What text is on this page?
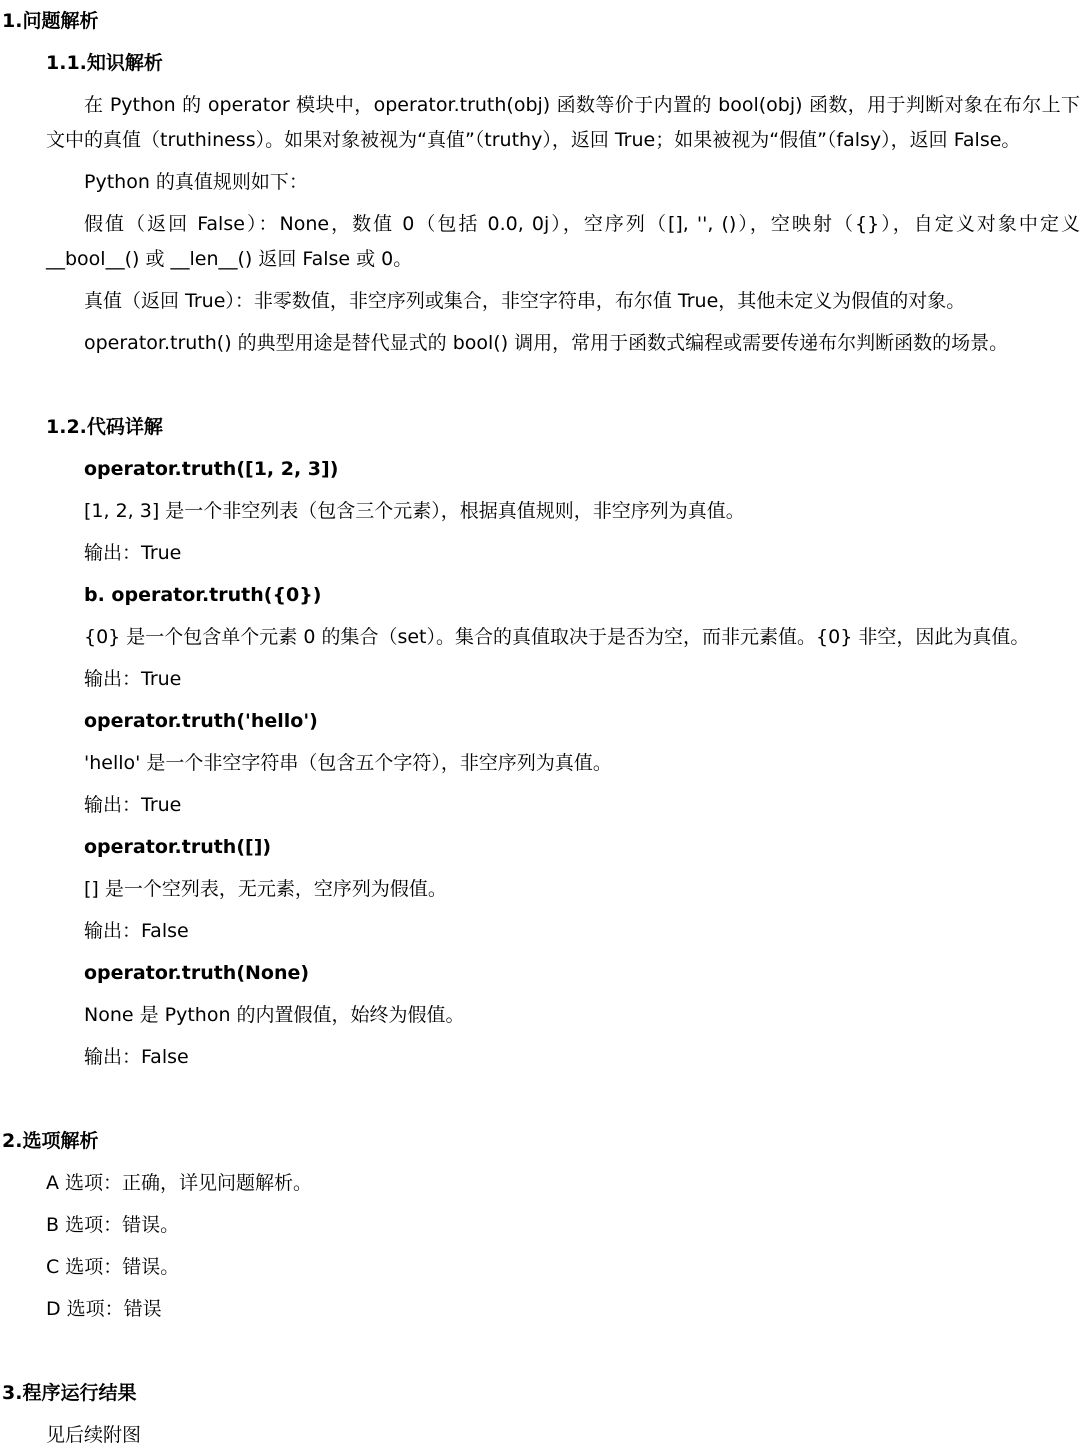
1.问题解析
1.1.知识解析
在 Python 的 operator 模块中，operator.truth(obj) 函数等价于内置的 bool(obj) 函数，用于判断对象在布尔上下文中的真值（truthiness）。如果对象被视为“真值”（truthy），返回 True；如果被视为“假值”（falsy），返回 False。
Python 的真值规则如下：
假值（返回 False）：None，数值 0（包括 0.0, 0j），空序列（[], '', ()），空映射（{}），自定义对象中定义 __bool__() 或 __len__() 返回 False 或 0。
真值（返回 True）：非零数值，非空序列或集合，非空字符串，布尔值 True，其他未定义为假值的对象。
operator.truth() 的典型用途是替代显式的 bool() 调用，常用于函数式编程或需要传递布尔判断函数的场景。
1.2.代码详解
operator.truth([1, 2, 3])
[1, 2, 3] 是一个非空列表（包含三个元素），根据真值规则，非空序列为真值。
输出：True
b. operator.truth({0})
{0} 是一个包含单个元素 0 的集合（set）。集合的真值取决于是否为空，而非元素值。{0} 非空，因此为真值。
输出：True
operator.truth('hello')
'hello' 是一个非空字符串（包含五个字符），非空序列为真值。
输出：True
operator.truth([])
[] 是一个空列表，无元素，空序列为假值。
输出：False
operator.truth(None)
None 是 Python 的内置假值，始终为假值。
输出：False
2.选项解析
A 选项：正确，详见问题解析。
B 选项：错误。
C 选项：错误。
D 选项：错误
3.程序运行结果
见后续附图
